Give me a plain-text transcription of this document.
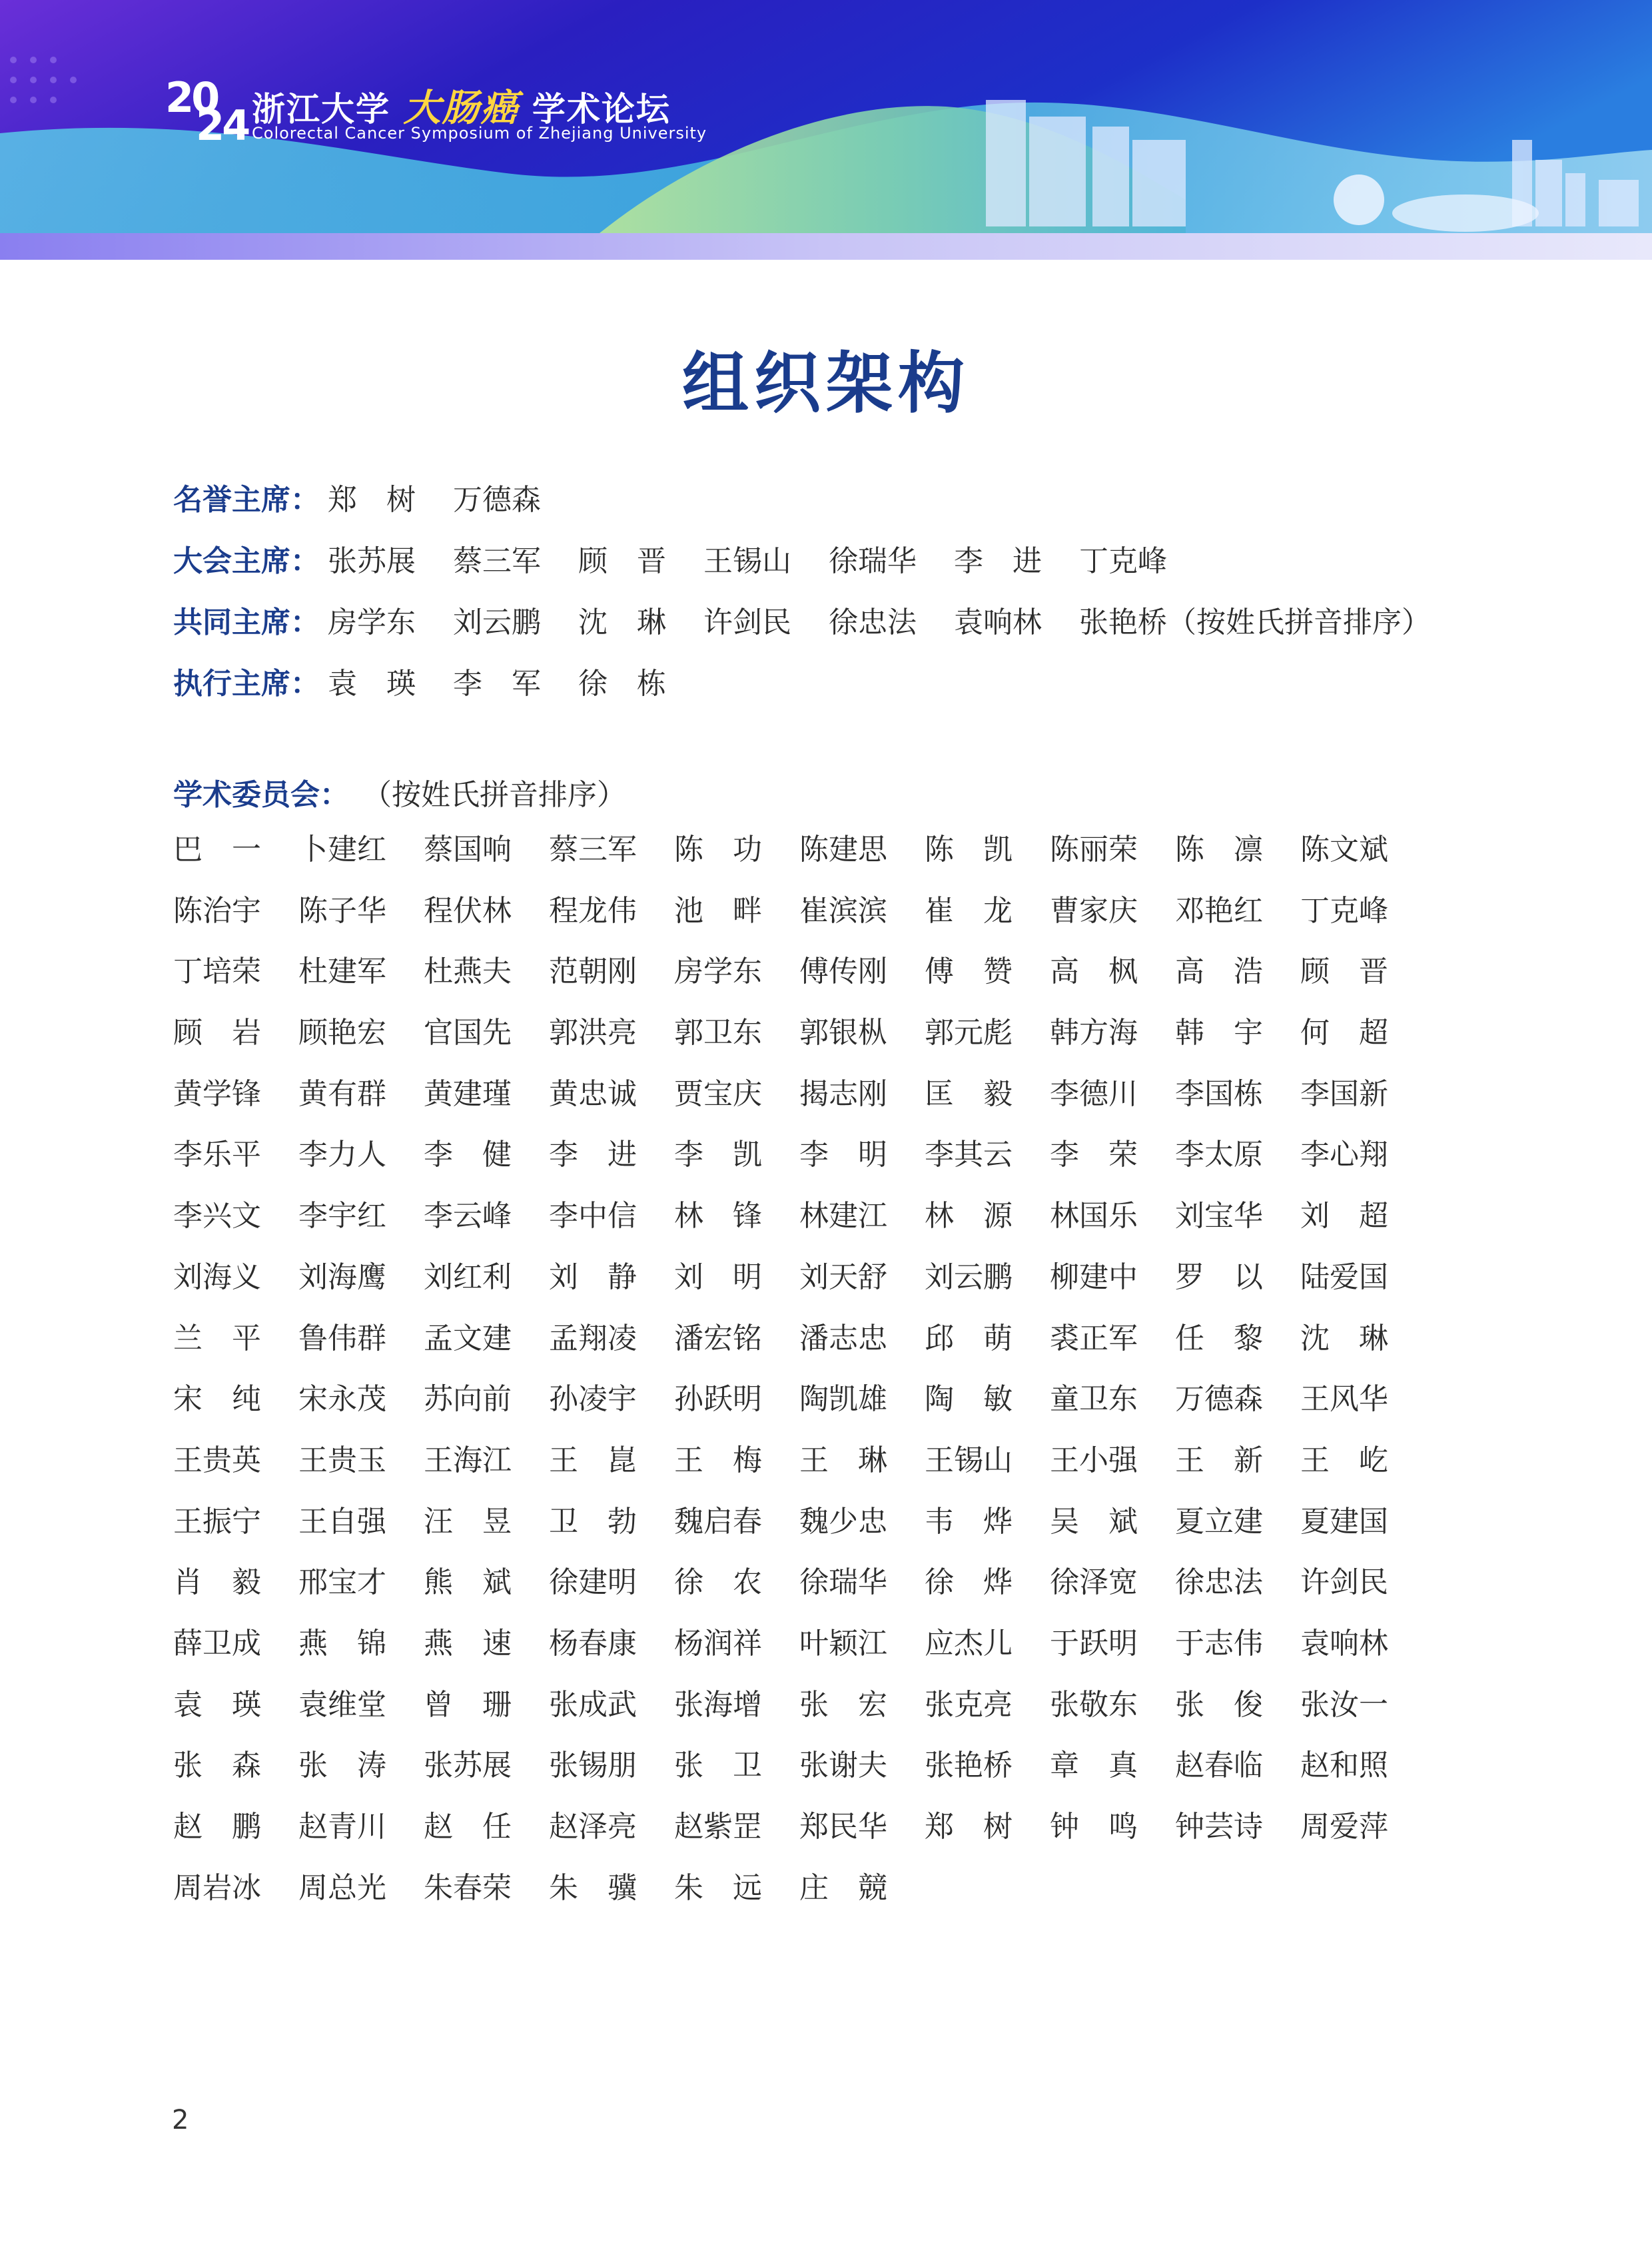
20
24 浙江大学 大肠癌 学术论坛
Colorectal Cancer Symposium of Zhejiang University
组织架构
名誉主席： 郑　树	万德森
大会主席： 张苏展	蔡三军	顾　晋	王锡山	徐瑞华	李　进	丁克峰
共同主席： 房学东	刘云鹏	沈　琳	许剑民	徐忠法	袁响林	张艳桥 （按姓氏拼音排序）
执行主席： 袁　瑛	李　军	徐　栋
学术委员会： （按姓氏拼音排序）
巴　一	卜建红	蔡国响	蔡三军	陈　功	陈建思	陈　凯	陈丽荣	陈　凛	陈文斌
陈治宇	陈子华	程伏林	程龙伟	池　畔	崔滨滨	崔　龙	曹家庆	邓艳红	丁克峰
丁培荣	杜建军	杜燕夫	范朝刚	房学东	傅传刚	傅　赞	高　枫	高　浩	顾　晋
顾　岩	顾艳宏	官国先	郭洪亮	郭卫东	郭银枞	郭元彪	韩方海	韩　宇	何　超
黄学锋	黄有群	黄建瑾	黄忠诚	贾宝庆	揭志刚	匡　毅	李德川	李国栋	李国新
李乐平	李力人	李　健	李　进	李　凯	李　明	李其云	李　荣	李太原	李心翔
李兴文	李宇红	李云峰	李中信	林　锋	林建江	林　源	林国乐	刘宝华	刘　超
刘海义	刘海鹰	刘红利	刘　静	刘　明	刘天舒	刘云鹏	柳建中	罗　以	陆爱国
兰　平	鲁伟群	孟文建	孟翔凌	潘宏铭	潘志忠	邱　萌	裘正军	任　黎	沈　琳
宋　纯	宋永茂	苏向前	孙凌宇	孙跃明	陶凯雄	陶　敏	童卫东	万德森	王风华
王贵英	王贵玉	王海江	王　崑	王　梅	王　琳	王锡山	王小强	王　新	王　屹
王振宁	王自强	汪　昱	卫　勃	魏启春	魏少忠	韦　烨	吴　斌	夏立建	夏建国
肖　毅	邢宝才	熊　斌	徐建明	徐　农	徐瑞华	徐　烨	徐泽宽	徐忠法	许剑民
薛卫成	燕　锦	燕　速	杨春康	杨润祥	叶颖江	应杰儿	于跃明	于志伟	袁响林
袁　瑛	袁维堂	曾　珊	张成武	张海增	张　宏	张克亮	张敬东	张　俊	张汝一
张　森	张　涛	张苏展	张锡朋	张　卫	张谢夫	张艳桥	章　真	赵春临	赵和照
赵　鹏	赵青川	赵　任	赵泽亮	赵紫罡	郑民华	郑　树	钟　鸣	钟芸诗	周爱萍
周岩冰	周总光	朱春荣	朱　骥	朱　远	庄　競
2
